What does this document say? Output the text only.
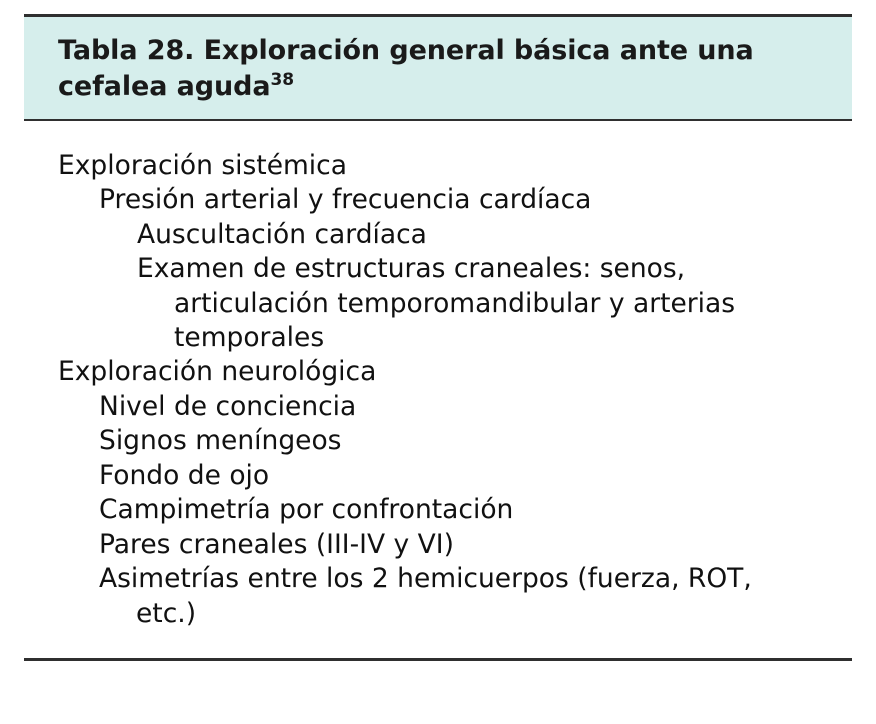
Tabla 28. Exploración general básica ante una cefalea aguda$^{38}$
Exploración sistémica
Presión arterial y frecuencia cardíaca
Auscultación cardíaca
Examen de estructuras craneales: senos,
articulación temporomandibular y arterias
temporales
Exploración neurológica
Nivel de conciencia
Signos meníngeos
Fondo de ojo
Campimetría por confrontación
Pares craneales (III-IV y VI)
Asimetrías entre los 2 hemicuerpos (fuerza, ROT,
etc.)
